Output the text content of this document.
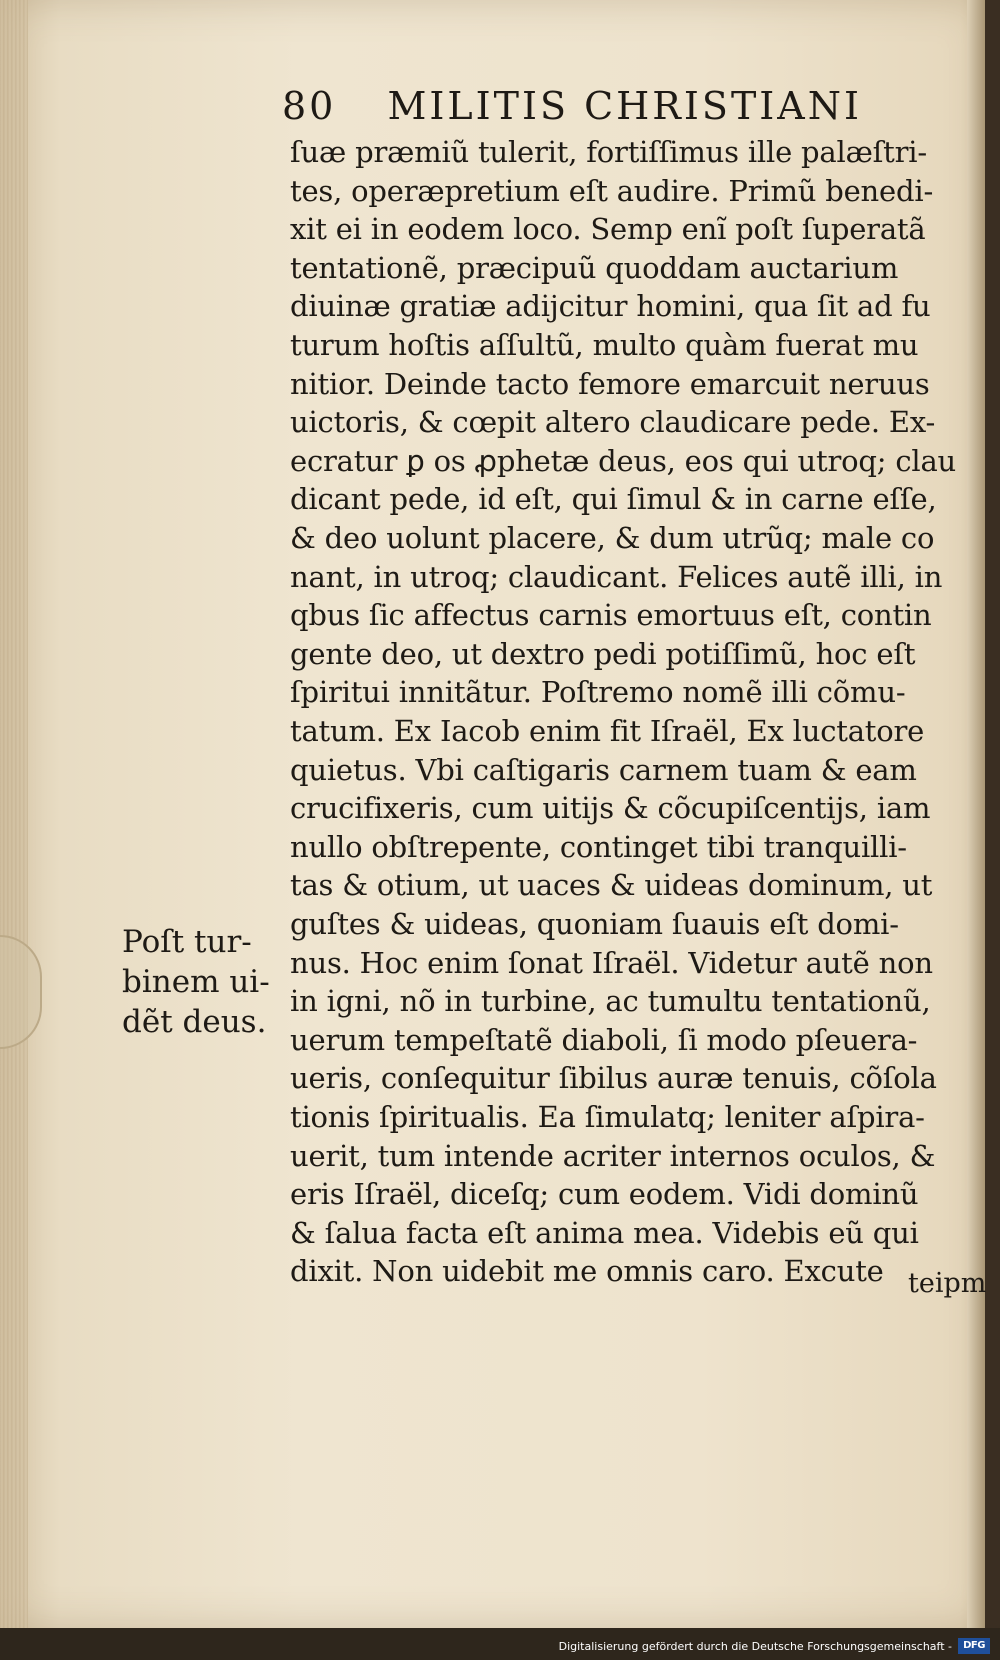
80 MILITIS CHRISTIANI
ſuæ præmiũ tulerit, fortiſſimus ille palæſtri-
tes, operæpretium eſt audire. Primũ benedi-
xit ei in eodem loco. Semp enĩ poſt ſuperatã
tentationẽ, præcipuũ quoddam auctarium
diuinæ gratiæ adijcitur homini, qua ſit ad fu
turum hoſtis aſſultũ, multo quàm fuerat mu
nitior. Deinde tacto femore emarcuit neruus
uictoris, & cœpit altero claudicare pede. Ex-
ecratur ꝑ os ꝓphetæ deus, eos qui utroq; clau
dicant pede, id eſt, qui ſimul & in carne eſſe,
& deo uolunt placere, & dum utrũq; male co
nant, in utroq; claudicant. Felices autẽ illi, in
qbus ſic affectus carnis emortuus eſt, contin
gente deo, ut dextro pedi potiſſimũ, hoc eſt
ſpiritui innitãtur. Poſtremo nomẽ illi cõmu-
tatum. Ex Iacob enim fit Iſraël, Ex luctatore
quietus. Vbi caſtigaris carnem tuam & eam
crucifixeris, cum uitijs & cõcupiſcentijs, iam
nullo obſtrepente, continget tibi tranquilli-
tas & otium, ut uaces & uideas dominum, ut
guſtes & uideas, quoniam ſuauis eſt domi-
nus. Hoc enim ſonat Iſraël. Videtur autẽ non
in igni, nõ in turbine, ac tumultu tentationũ,
uerum tempeſtatẽ diaboli, ſi modo pſeuera-
ueris, conſequitur ſibilus auræ tenuis, cõſola
tionis ſpiritualis. Ea ſimulatq; leniter aſpira-
uerit, tum intende acriter internos oculos, &
eris Iſraël, diceſq; cum eodem. Vidi dominũ
& ſalua facta eſt anima mea. Videbis eũ qui
dixit. Non uidebit me omnis caro. Excute
Poſt tur-
binem ui-
dẽt deus.
teipm
Digitalisierung gefördert durch die Deutsche Forschungsgemeinschaft -	DFG
